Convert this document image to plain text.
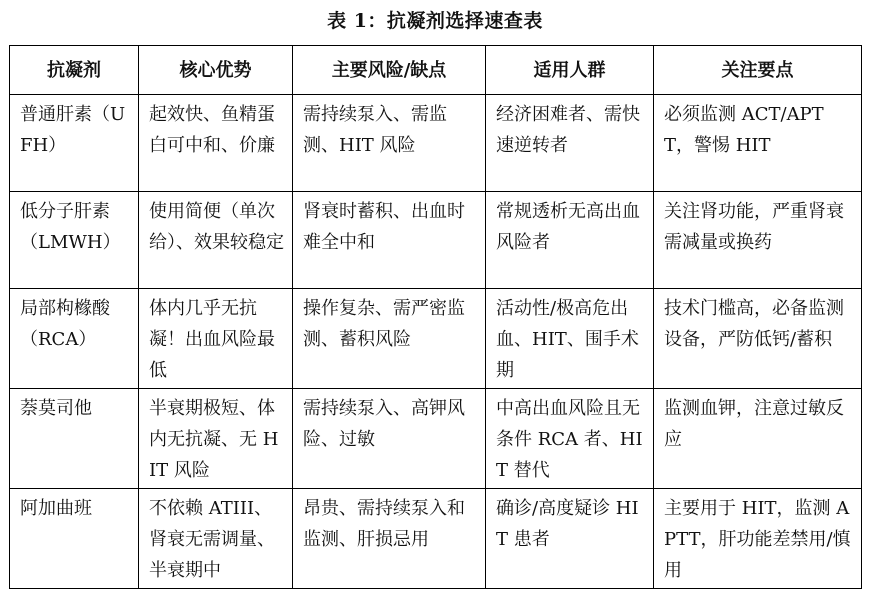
表 1：抗凝剂选择速查表
抗凝剂	核心优势	主要风险/缺点	适用人群	关注要点
普通肝素（UFH）	起效快、鱼精蛋白可中和、价廉	需持续泵入、需监测、HIT 风险	经济困难者、需快速逆转者	必须监测 ACT/APTT，警惕 HIT
低分子肝素（LMWH）	使用简便（单次给）、效果较稳定	肾衰时蓄积、出血时难全中和	常规透析无高出血风险者	关注肾功能，严重肾衰需减量或换药
局部枸橼酸（RCA）	体内几乎无抗凝！出血风险最低	操作复杂、需严密监测、蓄积风险	活动性/极高危出血、HIT、围手术期	技术门槛高，必备监测设备，严防低钙/蓄积
萘莫司他	半衰期极短、体内无抗凝、无 HIT 风险	需持续泵入、高钾风险、过敏	中高出血风险且无条件 RCA 者、HIT 替代	监测血钾，注意过敏反应
阿加曲班	不依赖 ATIII、肾衰无需调量、半衰期中	昂贵、需持续泵入和监测、肝损忌用	确诊/高度疑诊 HIT 患者	主要用于 HIT，监测 APTT，肝功能差禁用/慎用
